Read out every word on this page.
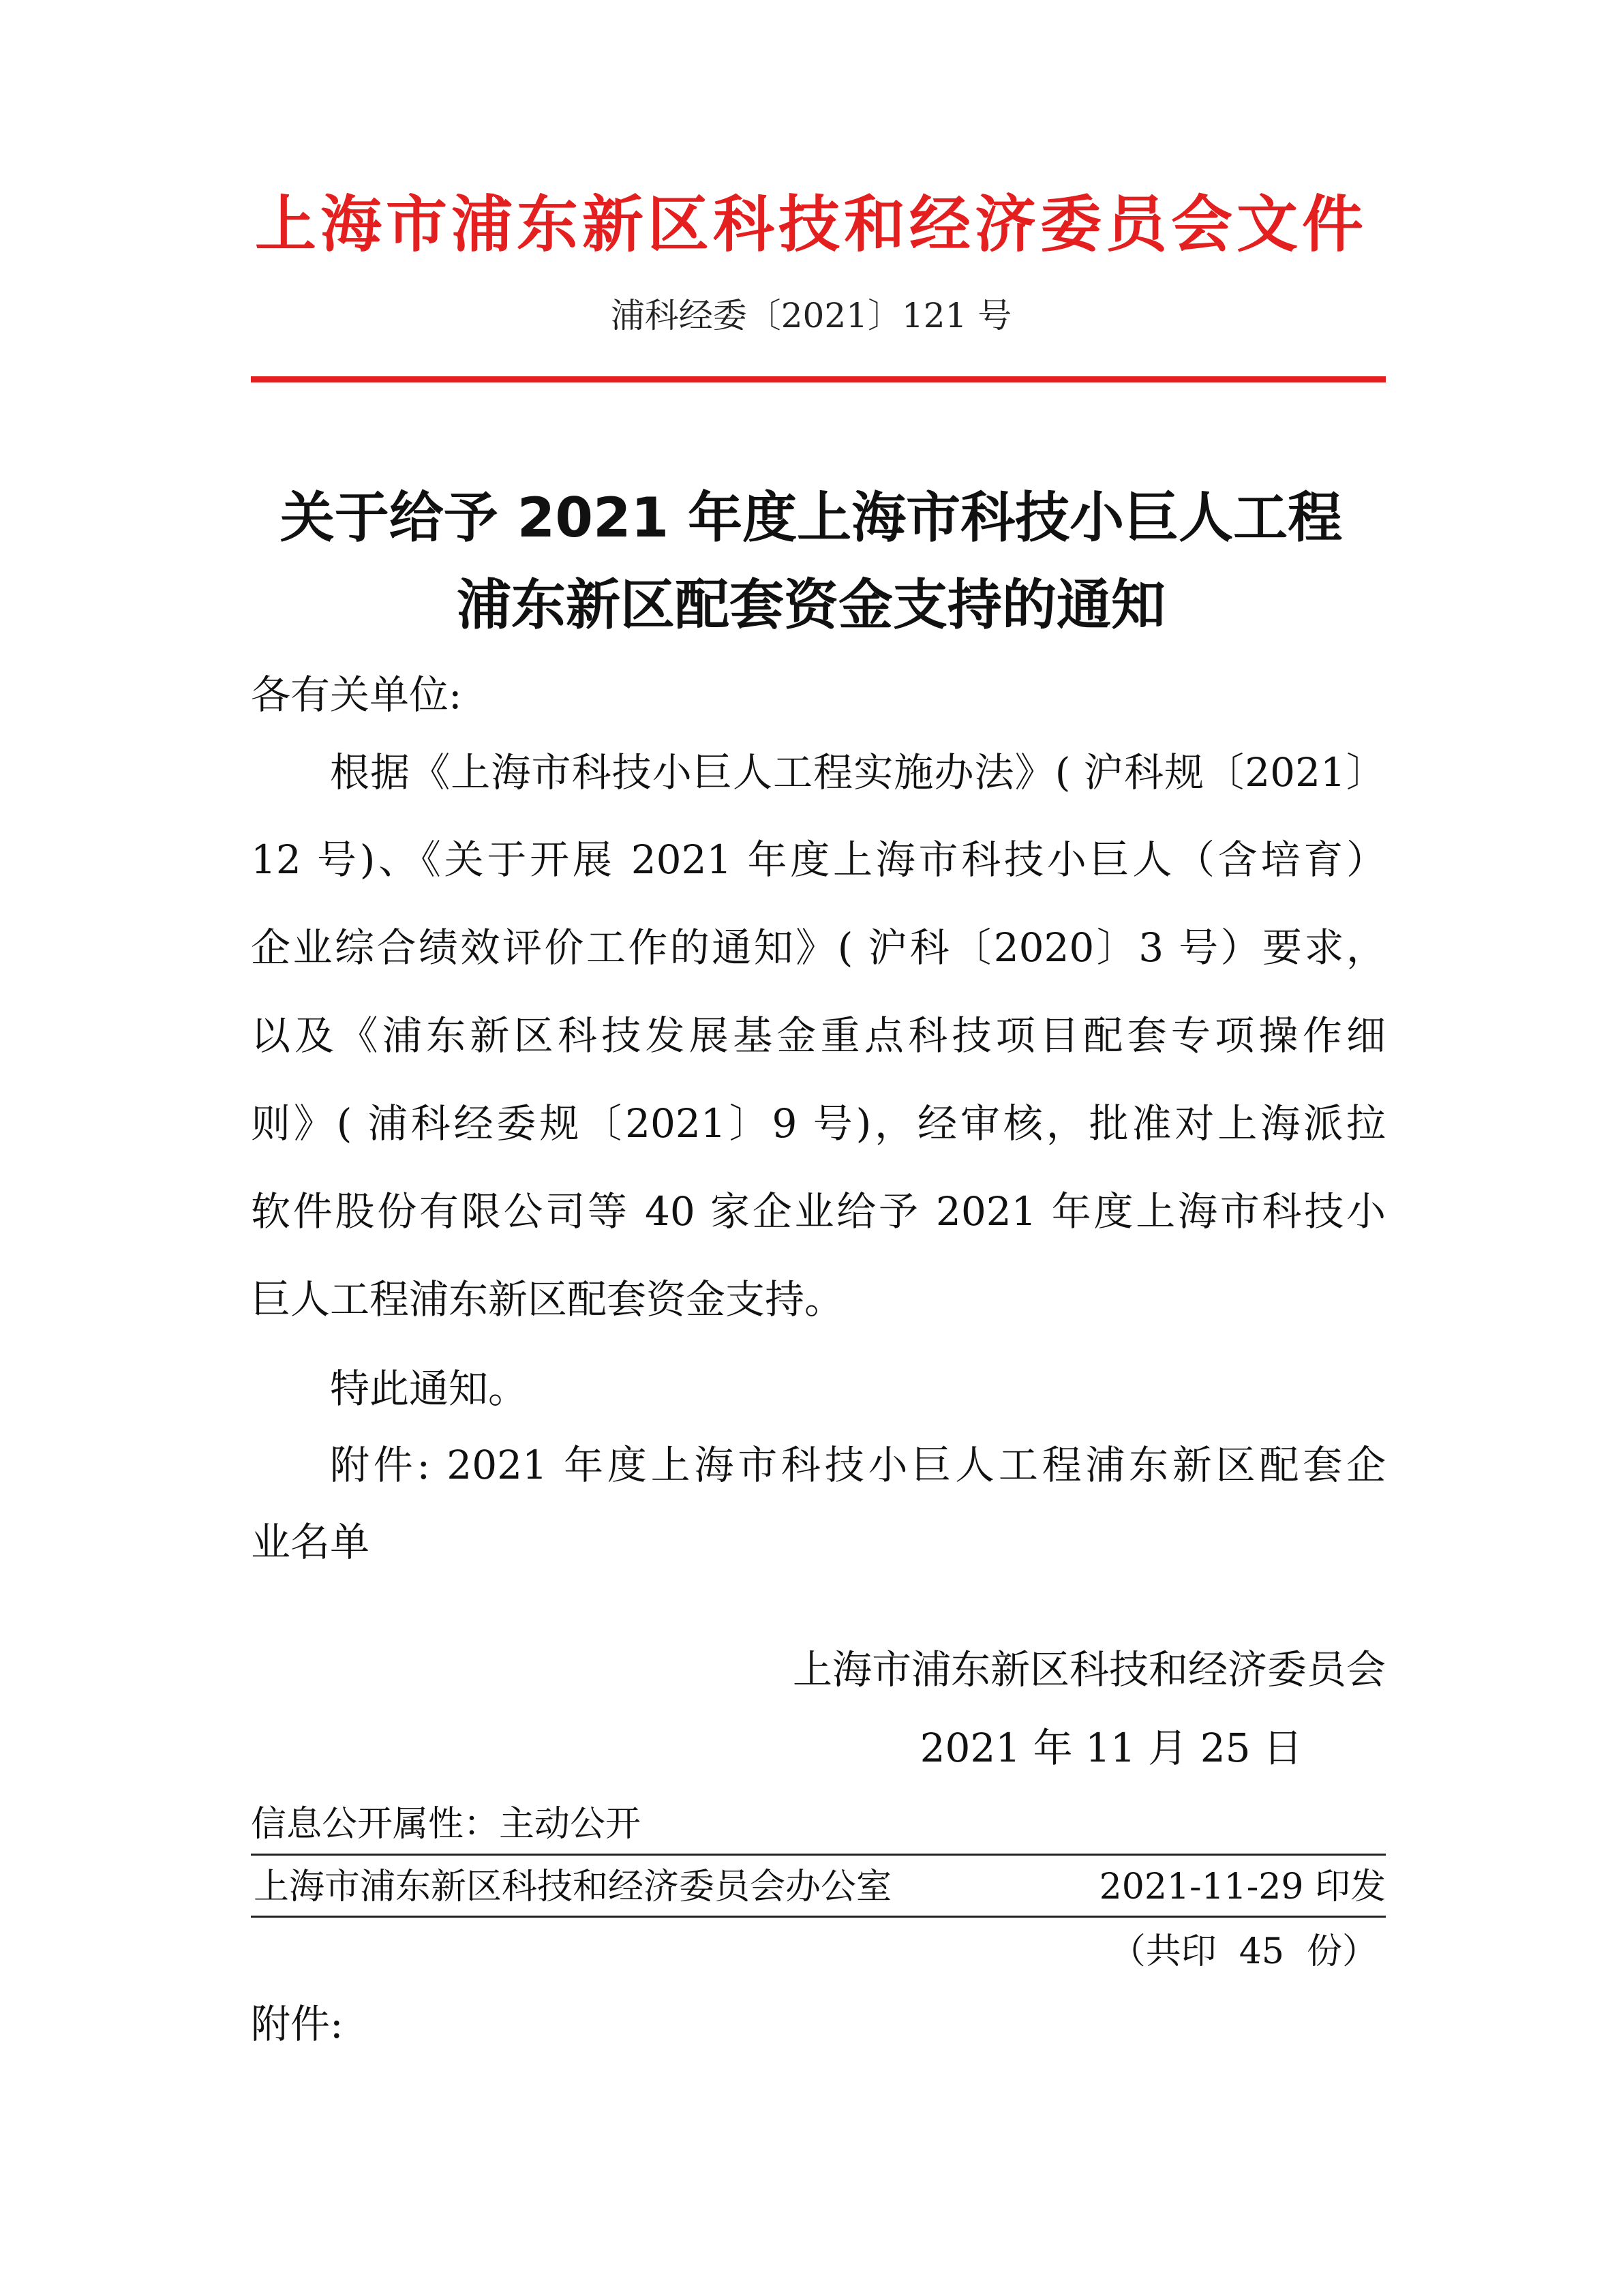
上海市浦东新区科技和经济委员会文件
浦科经委〔2021〕121 号
关于给予 2021 年度上海市科技小巨人工程
浦东新区配套资金支持的通知
各有关单位:
根据《上海市科技小巨人工程实施办法》( 沪科规〔2021〕
12 号)、《关于开展 2021 年度上海市科技小巨人（含培育）
企业综合绩效评价工作的通知》( 沪科〔2020〕3 号）要求，
以及《浦东新区科技发展基金重点科技项目配套专项操作细
则》( 浦科经委规〔2021〕9 号)，经审核，批准对上海派拉
软件股份有限公司等 40 家企业给予 2021 年度上海市科技小
巨人工程浦东新区配套资金支持。
特此通知。
附件: 2021 年度上海市科技小巨人工程浦东新区配套企
业名单
上海市浦东新区科技和经济委员会
2021 年 11 月 25 日
信息公开属性：主动公开
上海市浦东新区科技和经济委员会办公室	2021-11-29 印发
（共印  45  份）
附件:
